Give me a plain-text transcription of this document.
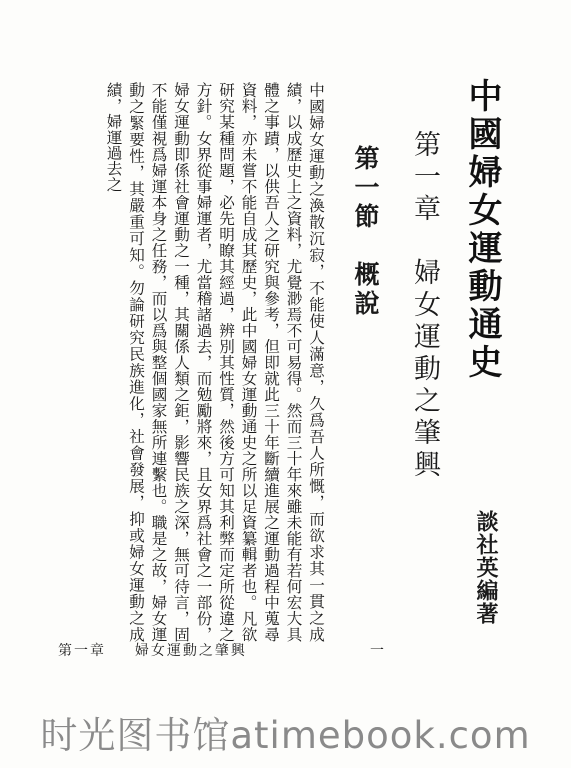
中國婦女運動通史
談社英編著
第一章　婦女運動之肇興
第一節　概說

中國婦女運動之渙散沉寂，不能使人滿意，久爲吾人所慨，而欲求其一貫之成績，以成歷史上之資料，尤覺渺焉不可易得。然而三十年來雖未能有若何宏大具體之事蹟，以供吾人之研究與參考，但即就此三十年斷續進展之運動過程中蒐尋資料，亦未嘗不能自成其歷史，此中國婦女運動通史之所以足資纂輯者也。凡欲研究某種問題，必先明瞭其經過，辨別其性質，然後方可知其利弊而定所從違之方針。女界從事婦運者，尤當稽諸過去，而勉勵將來，且女界爲社會之一部份，婦女運動即係社會運動之一種，其關係人類之鉅，影響民族之深，無可待言，固不能僅視爲婦運本身之任務，而以爲與整個國家無所連繫也。職是之故，婦女運動之緊要性，其嚴重可知。勿論研究民族進化，社會發展，抑或婦女運動之成績，婦運過去之

第一章 　 婦女運動之肇興	一
时光图书馆atimebook.com
